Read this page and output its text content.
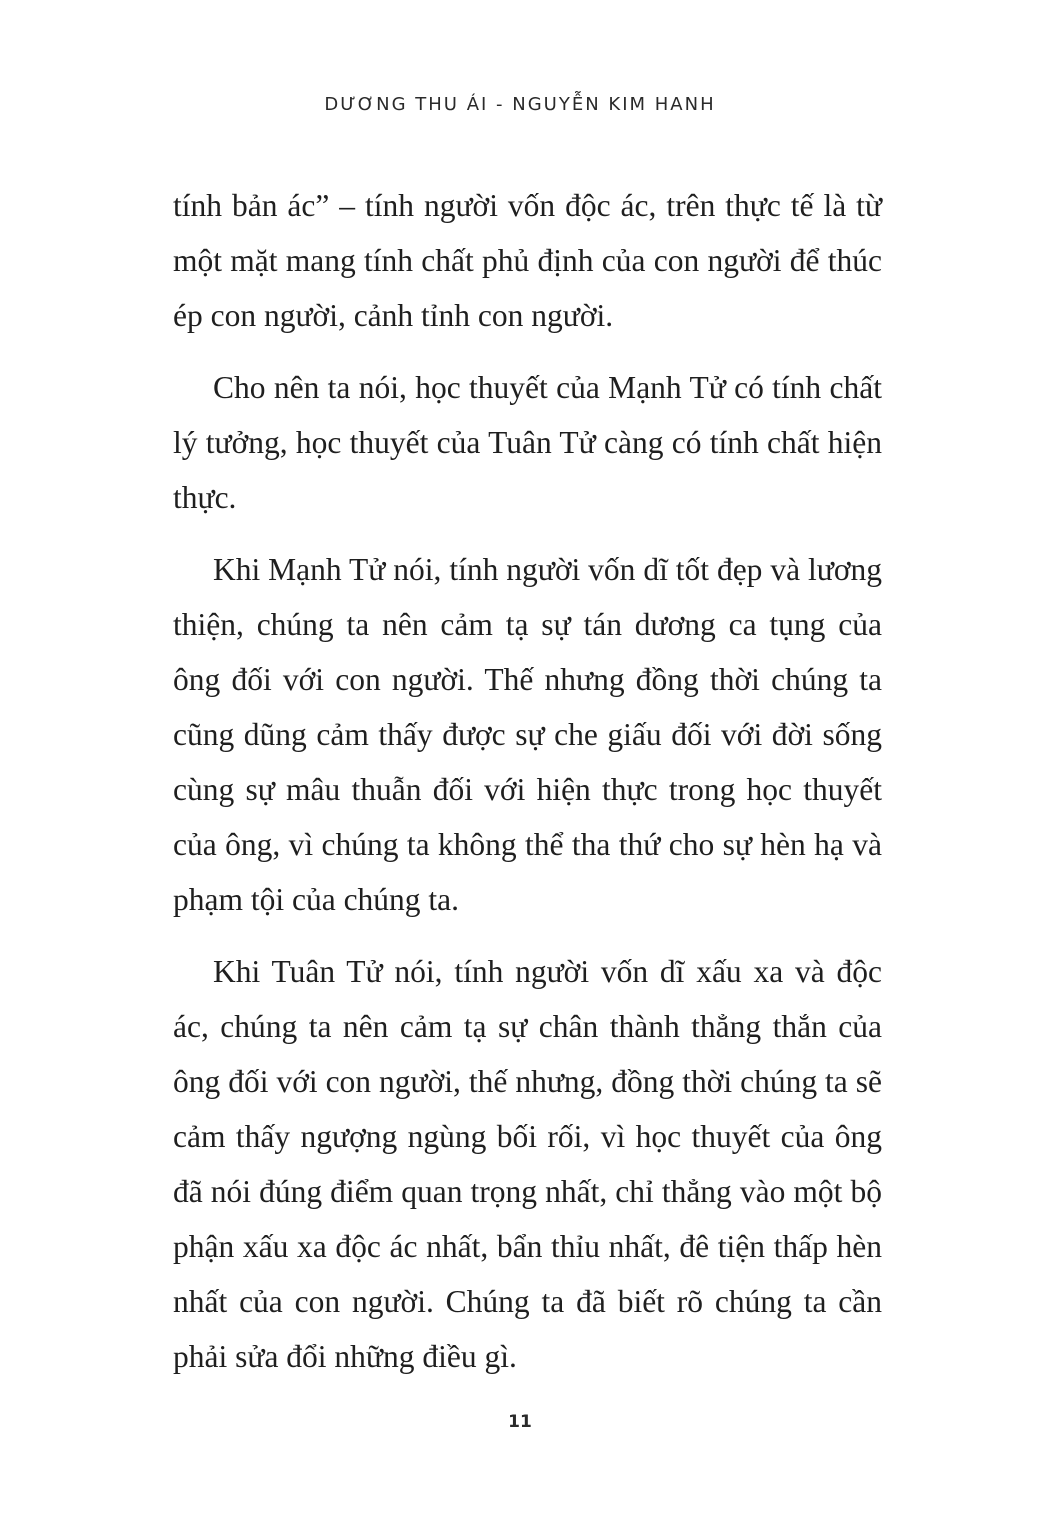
DƯƠNG THU ÁI - NGUYỄN KIM HANH

tính bản ác” – tính người vốn độc ác, trên thực tế là từ một mặt mang tính chất phủ định của con người để thúc ép con người, cảnh tỉnh con người.

Cho nên ta nói, học thuyết của Mạnh Tử có tính chất lý tưởng, học thuyết của Tuân Tử càng có tính chất hiện thực.

Khi Mạnh Tử nói, tính người vốn dĩ tốt đẹp và lương thiện, chúng ta nên cảm tạ sự tán dương ca tụng của ông đối với con người. Thế nhưng đồng thời chúng ta cũng dũng cảm thấy được sự che giấu đối với đời sống cùng sự mâu thuẫn đối với hiện thực trong học thuyết của ông, vì chúng ta không thể tha thứ cho sự hèn hạ và phạm tội của chúng ta.

Khi Tuân Tử nói, tính người vốn dĩ xấu xa và độc ác, chúng ta nên cảm tạ sự chân thành thẳng thắn của ông đối với con người, thế nhưng, đồng thời chúng ta sẽ cảm thấy ngượng ngùng bối rối, vì học thuyết của ông đã nói đúng điểm quan trọng nhất, chỉ thẳng vào một bộ phận xấu xa độc ác nhất, bẩn thỉu nhất, đê tiện thấp hèn nhất của con người. Chúng ta đã biết rõ chúng ta cần phải sửa đổi những điều gì.

11
